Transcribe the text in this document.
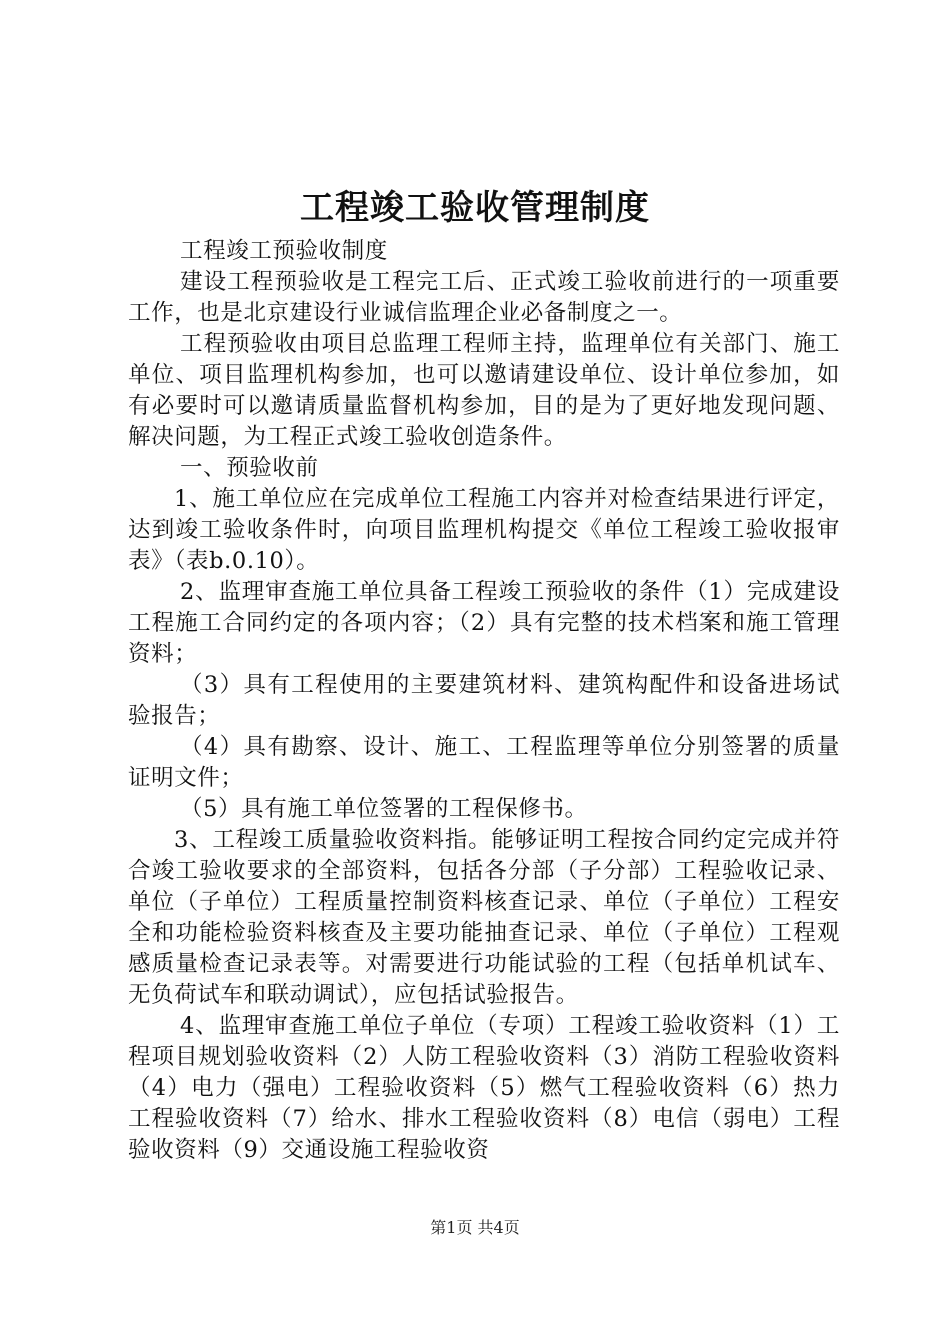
工程竣工验收管理制度

工程竣工预验收制度

建设工程预验收是工程完工后、正式竣工验收前进行的一项重要工作，也是北京建设行业诚信监理企业必备制度之一。

工程预验收由项目总监理工程师主持，监理单位有关部门、施工单位、项目监理机构参加，也可以邀请建设单位、设计单位参加，如有必要时可以邀请质量监督机构参加，目的是为了更好地发现问题、解决问题，为工程正式竣工验收创造条件。

一、预验收前

1、施工单位应在完成单位工程施工内容并对检查结果进行评定，达到竣工验收条件时，向项目监理机构提交《单位工程竣工验收报审表》（表b.0.10）。

2、监理审查施工单位具备工程竣工预验收的条件（1）完成建设工程施工合同约定的各项内容；（2）具有完整的技术档案和施工管理资料；

（3）具有工程使用的主要建筑材料、建筑构配件和设备进场试验报告；

（4）具有勘察、设计、施工、工程监理等单位分别签署的质量证明文件；

（5）具有施工单位签署的工程保修书。

3、工程竣工质量验收资料指。能够证明工程按合同约定完成并符合竣工验收要求的全部资料，包括各分部（子分部）工程验收记录、单位（子单位）工程质量控制资料核查记录、单位（子单位）工程安全和功能检验资料核查及主要功能抽查记录、单位（子单位）工程观感质量检查记录表等。对需要进行功能试验的工程（包括单机试车、无负荷试车和联动调试），应包括试验报告。

4、监理审查施工单位子单位（专项）工程竣工验收资料（1）工程项目规划验收资料（2）人防工程验收资料（3）消防工程验收资料（4）电力（强电）工程验收资料（5）燃气工程验收资料（6）热力工程验收资料（7）给水、排水工程验收资料（8）电信（弱电）工程验收资料（9）交通设施工程验收资

第1页 共4页
